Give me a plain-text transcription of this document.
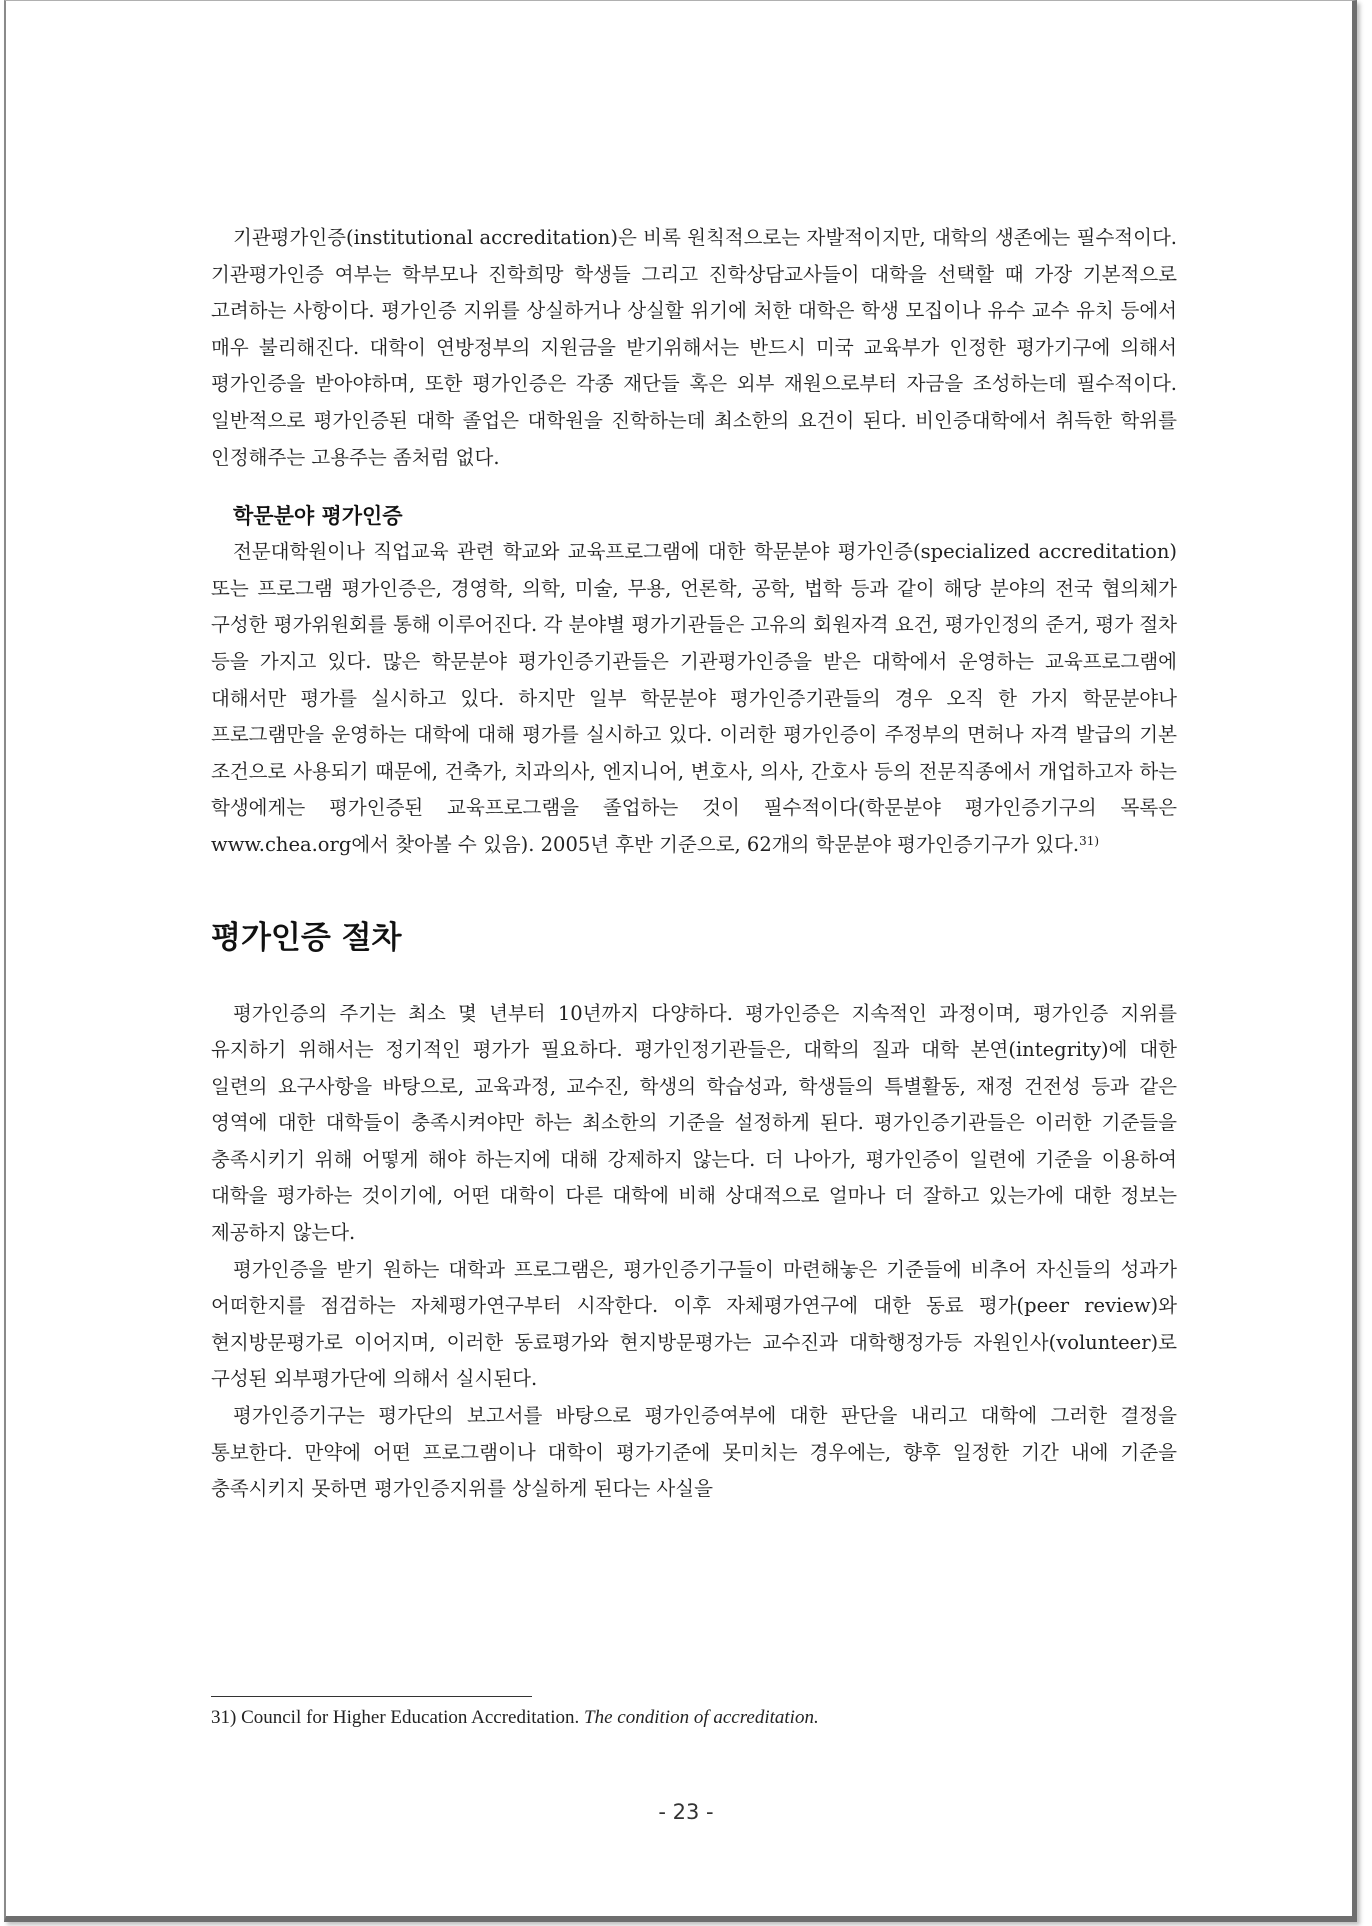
기관평가인증(institutional accreditation)은 비록 원칙적으로는 자발적이지만, 대학의 생존에는 필수적이다. 기관평가인증 여부는 학부모나 진학희망 학생들 그리고 진학상담교사들이 대학을 선택할 때 가장 기본적으로 고려하는 사항이다. 평가인증 지위를 상실하거나 상실할 위기에 처한 대학은 학생 모집이나 유수 교수 유치 등에서 매우 불리해진다. 대학이 연방정부의 지원금을 받기위해서는 반드시 미국 교육부가 인정한 평가기구에 의해서 평가인증을 받아야하며, 또한 평가인증은 각종 재단들 혹은 외부 재원으로부터 자금을 조성하는데 필수적이다. 일반적으로 평가인증된 대학 졸업은 대학원을 진학하는데 최소한의 요건이 된다. 비인증대학에서 취득한 학위를 인정해주는 고용주는 좀처럼 없다.

학문분야 평가인증

전문대학원이나 직업교육 관련 학교와 교육프로그램에 대한 학문분야 평가인증(specialized accreditation) 또는 프로그램 평가인증은, 경영학, 의학, 미술, 무용, 언론학, 공학, 법학 등과 같이 해당 분야의 전국 협의체가 구성한 평가위원회를 통해 이루어진다. 각 분야별 평가기관들은 고유의 회원자격 요건, 평가인정의 준거, 평가 절차 등을 가지고 있다. 많은 학문분야 평가인증기관들은 기관평가인증을 받은 대학에서 운영하는 교육프로그램에 대해서만 평가를 실시하고 있다. 하지만 일부 학문분야 평가인증기관들의 경우 오직 한 가지 학문분야나 프로그램만을 운영하는 대학에 대해 평가를 실시하고 있다. 이러한 평가인증이 주정부의 면허나 자격 발급의 기본 조건으로 사용되기 때문에, 건축가, 치과의사, 엔지니어, 변호사, 의사, 간호사 등의 전문직종에서 개업하고자 하는 학생에게는 평가인증된 교육프로그램을 졸업하는 것이 필수적이다(학문분야 평가인증기구의 목록은 www.chea.org에서 찾아볼 수 있음). 2005년 후반 기준으로, 62개의 학문분야 평가인증기구가 있다.$^{31)}$

평가인증 절차

평가인증의 주기는 최소 몇 년부터 10년까지 다양하다. 평가인증은 지속적인 과정이며, 평가인증 지위를 유지하기 위해서는 정기적인 평가가 필요하다. 평가인정기관들은, 대학의 질과 대학 본연(integrity)에 대한 일련의 요구사항을 바탕으로, 교육과정, 교수진, 학생의 학습성과, 학생들의 특별활동, 재정 건전성 등과 같은 영역에 대한 대학들이 충족시켜야만 하는 최소한의 기준을 설정하게 된다. 평가인증기관들은 이러한 기준들을 충족시키기 위해 어떻게 해야 하는지에 대해 강제하지 않는다. 더 나아가, 평가인증이 일련에 기준을 이용하여 대학을 평가하는 것이기에, 어떤 대학이 다른 대학에 비해 상대적으로 얼마나 더 잘하고 있는가에 대한 정보는 제공하지 않는다.

평가인증을 받기 원하는 대학과 프로그램은, 평가인증기구들이 마련해놓은 기준들에 비추어 자신들의 성과가 어떠한지를 점검하는 자체평가연구부터 시작한다. 이후 자체평가연구에 대한 동료 평가(peer review)와 현지방문평가로 이어지며, 이러한 동료평가와 현지방문평가는 교수진과 대학행정가등 자원인사(volunteer)로 구성된 외부평가단에 의해서 실시된다.

평가인증기구는 평가단의 보고서를 바탕으로 평가인증여부에 대한 판단을 내리고 대학에 그러한 결정을 통보한다. 만약에 어떤 프로그램이나 대학이 평가기준에 못미치는 경우에는, 향후 일정한 기간 내에 기준을 충족시키지 못하면 평가인증지위를 상실하게 된다는 사실을

31) Council for Higher Education Accreditation. The condition of accreditation.
- 23 -
